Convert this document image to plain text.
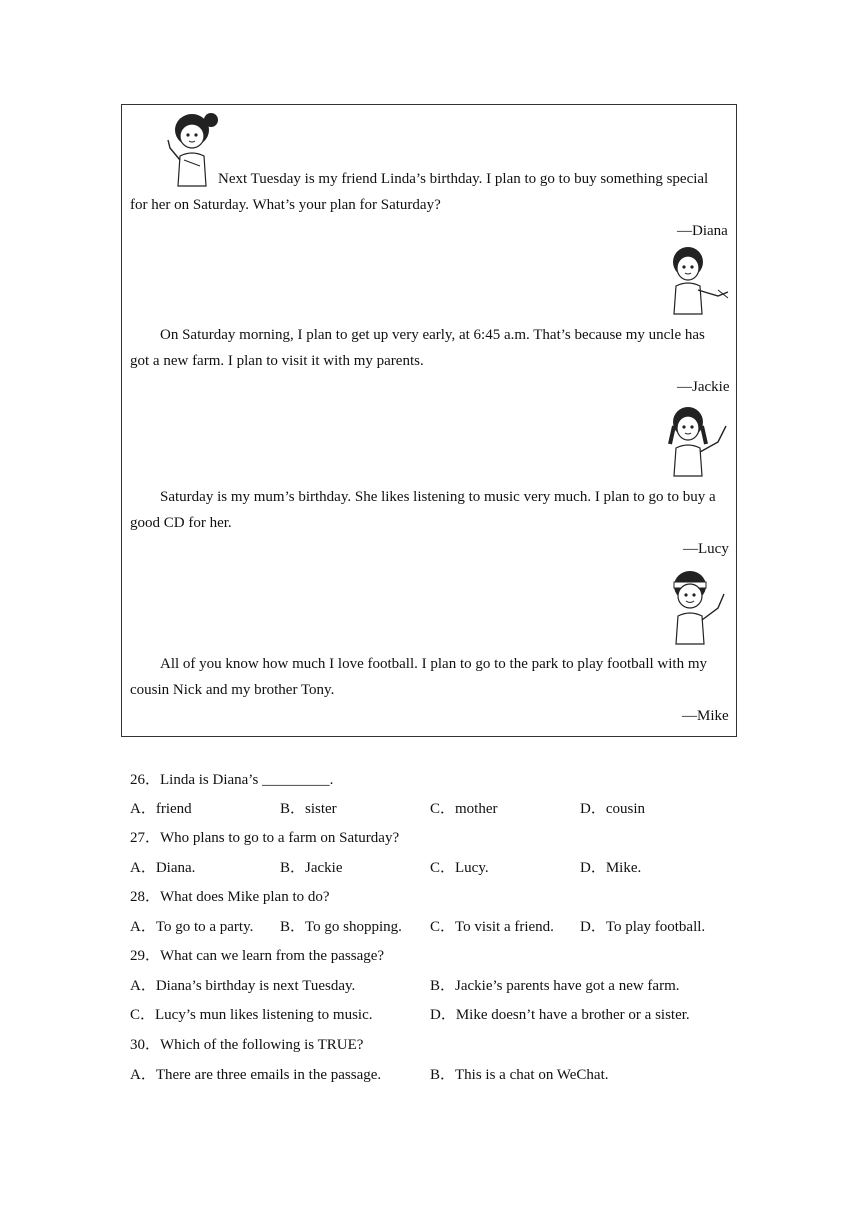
Next Tuesday is my friend Linda’s birthday. I plan to go to buy something special
for her on Saturday. What’s your plan for Saturday?
—Diana
On Saturday morning, I plan to get up very early, at 6:45 a.m. That’s because my uncle has
got a new farm. I plan to visit it with my parents.
—Jackie
Saturday is my mum’s birthday. She likes listening to music very much. I plan to go to buy a
good CD for her.
—Lucy
All of you know how much I love football. I plan to go to the park to play football with my
cousin Nick and my brother Tony.
—Mike
26．Linda is Diana’s _________.
A．friend	B．sister	C．mother	D．cousin
27．Who plans to go to a farm on Saturday?
A．Diana.	B．Jackie	C．Lucy.	D．Mike.
28．What does Mike plan to do?
A．To go to a party. B．To go shopping. C．To visit a friend. D．To play football.
29．What can we learn from the passage?
A．Diana’s birthday is next Tuesday.	B．Jackie’s parents have got a new farm.
C．Lucy’s mun likes listening to music.	D．Mike doesn’t have a brother or a sister.
30．Which of the following is TRUE?
A．There are three emails in the passage.	B．This is a chat on WeChat.
